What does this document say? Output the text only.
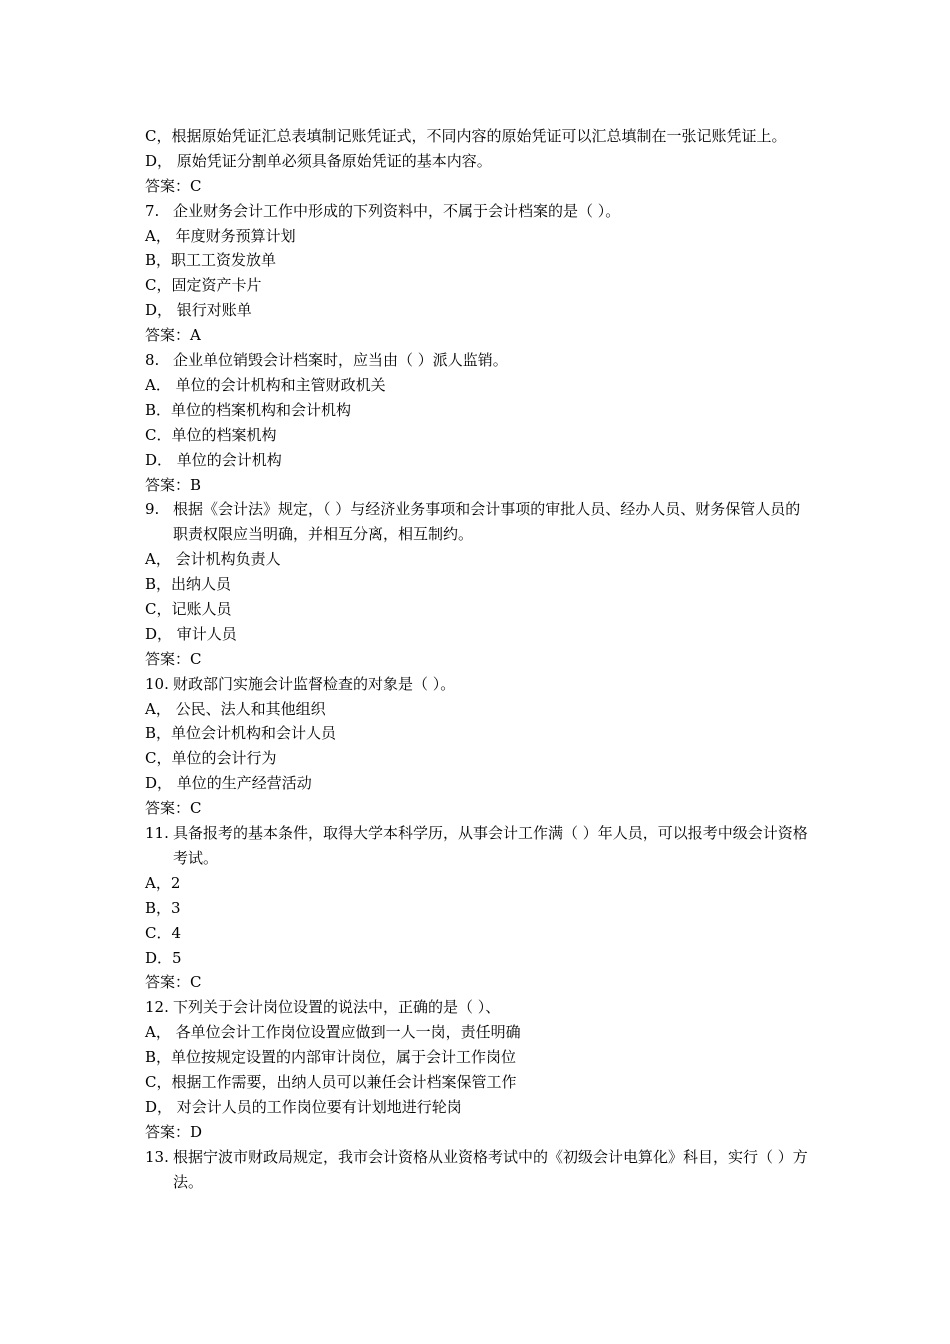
C，根据原始凭证汇总表填制记账凭证式，不同内容的原始凭证可以汇总填制在一张记账凭证上。
D， 原始凭证分割单必须具备原始凭证的基本内容。
答案：C
7. 企业财务会计工作中形成的下列资料中，不属于会计档案的是（ ）。
A， 年度财务预算计划
B，职工工资发放单
C，固定资产卡片
D， 银行对账单
答案：A
8. 企业单位销毁会计档案时，应当由（ ）派人监销。
A． 单位的会计机构和主管财政机关
B．单位的档案机构和会计机构
C．单位的档案机构
D． 单位的会计机构
答案：B
9. 根据《会计法》规定，（ ）与经济业务事项和会计事项的审批人员、经办人员、财务保管人员的职责权限应当明确，并相互分离，相互制约。
A， 会计机构负责人
B，出纳人员
C，记账人员
D， 审计人员
答案：C
10. 财政部门实施会计监督检查的对象是（ ）。
A， 公民、法人和其他组织
B，单位会计机构和会计人员
C，单位的会计行为
D， 单位的生产经营活动
答案：C
11. 具备报考的基本条件，取得大学本科学历，从事会计工作满（ ）年人员，可以报考中级会计资格考试。
A，2
B，3
C．4
D．5
答案：C
12. 下列关于会计岗位设置的说法中，正确的是（ ）、
A， 各单位会计工作岗位设置应做到一人一岗，责任明确
B，单位按规定设置的内部审计岗位，属于会计工作岗位
C，根据工作需要，出纳人员可以兼任会计档案保管工作
D， 对会计人员的工作岗位要有计划地进行轮岗
答案：D
13. 根据宁波市财政局规定，我市会计资格从业资格考试中的《初级会计电算化》科目，实行（ ）方法。
